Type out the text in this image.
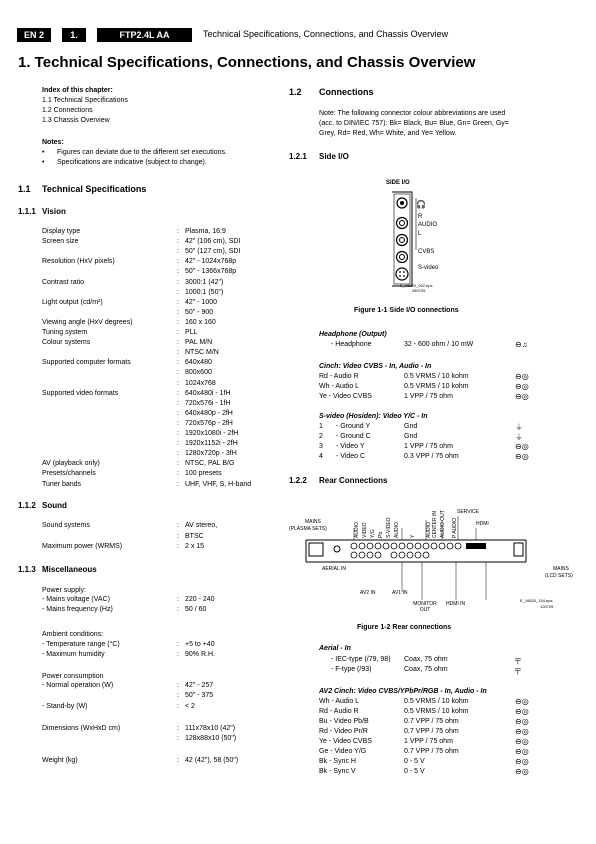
EN 2	1.	FTP2.4L AA	Technical Specifications, Connections, and Chassis Overview
1. Technical Specifications, Connections, and Chassis Overview
Index of this chapter:
1.1 Technical Specifications
1.2 Connections
1.3 Chassis Overview
Notes:
• Figures can deviate due to the different set executions.
• Specifications are indicative (subject to change).
1.1 Technical Specifications
1.1.1 Vision
Display type	: Plasma, 16:9
Screen size	: 42" (106 cm), SDI
: 50" (127 cm), SDI
Resolution (HxV pixels)	: 42" - 1024x768p
: 50" - 1366x768p
Contrast ratio	: 3000:1 (42")
: 1000:1 (50")
Light output (cd/m²)	: 42" - 1000
: 50" - 900
Viewing angle (HxV degrees)	: 160 x 160
Tuning system	: PLL
Colour systems	: PAL M/N
: NTSC M/N
Supported computer formats	: 640x480
: 800x600
: 1024x768
Supported video formats	: 640x480i - 1fH
: 720x576i - 1fH
: 640x480p - 2fH
: 720x576p - 2fH
: 1920x1080i - 2fH
: 1920x1152i - 2fH
: 1280x720p - 3fH
AV (playback only)	: NTSC, PAL B/G
Presets/channels	: 100 presets
Tuner bands	: UHF, VHF, S, H-band
1.1.2 Sound
Sound systems	: AV stereo,
: BTSC
Maximum power (WRMS)	: 2 x 15
1.1.3 Miscellaneous
Power supply:
- Mains voltage (VAC)	: 220 - 240
- Mains frequency (Hz)	: 50 / 60
Ambient conditions:
- Temperature range (°C)	: +5 to +40
- Maximum humidity	: 90% R.H.
Power consumption
- Normal operation (W)	: 42" - 257
: 50" - 375
- Stand-by (W)	: < 2
Dimensions (WxHxD cm)	: 111x78x10 (42")
: 128x88x10 (50")
Weight (kg)	: 42 (42"), 58 (50")
1.2 Connections
Note: The following connector colour abbreviations are used
(acc. to DIN/IEC 757): Bk= Black, Bu= Blue, Gn= Green, Gy=
Grey, Rd= Red, Wh= White, and Ye= Yellow.
1.2.1 Side I/O
SIDE I/O
🎧
R
AUDIO
L
CVBS
S-video
E_16820_052.eps
280705
Figure 1-1 Side I/O connections
Headphone (Output)
- Headphone	32 - 600 ohm / 10 mW	⊖♫
Cinch: Video CVBS - In, Audio - In
Rd - Audio R	0.5 VRMS / 10 kohm	⊖◎
Wh - Audio L	0.5 VRMS / 10 kohm	⊖◎
Ye - Video CVBS	1 VPP / 75 ohm	⊖◎
S-video (Hosiden): Video Y/C - In
1 - Ground Y	Gnd	⏚
2 - Ground C	Gnd	⏚
3 - Video Y	1 VPP / 75 ohm	⊖◎
4 - Video C	0.3 VPP / 75 ohm	⊖◎
1.2.2 Rear Connections
MAINS
(PLASMA SETS)	AUDIO VIDEO Y/G Pb S-VIDEO AUDIO Y AUDIO CENTER IN AUDIO OUT P AUDIO
SERVICE
HDMI
AERIAL IN
AV2 IN	AV1 IN
MONITOR OUT
HDMI IN
MAINS
(LCD SETS)
E_16820_154.eps
100705
Figure 1-2 Rear connections
Aerial - In
- IEC-type (/79, 98) Coax, 75 ohm	╤
- F-type (/93)	Coax, 75 ohm	╤
AV2 Cinch: Video CVBS/YPbPr/RGB - In, Audio - In
Wh - Audio L	0.5 VRMS / 10 kohm	⊖◎
Rd - Audio R	0.5 VRMS / 10 kohm	⊖◎
Bu - Video Pb/B	0.7 VPP / 75 ohm	⊖◎
Rd - Video Pr/R	0.7 VPP / 75 ohm	⊖◎
Ye - Video CVBS	1 VPP / 75 ohm	⊖◎
Ge - Video Y/G	0.7 VPP / 75 ohm	⊖◎
Bk - Sync H	0 - 5 V	⊖◎
Bk - Sync V	0 - 5 V	⊖◎
